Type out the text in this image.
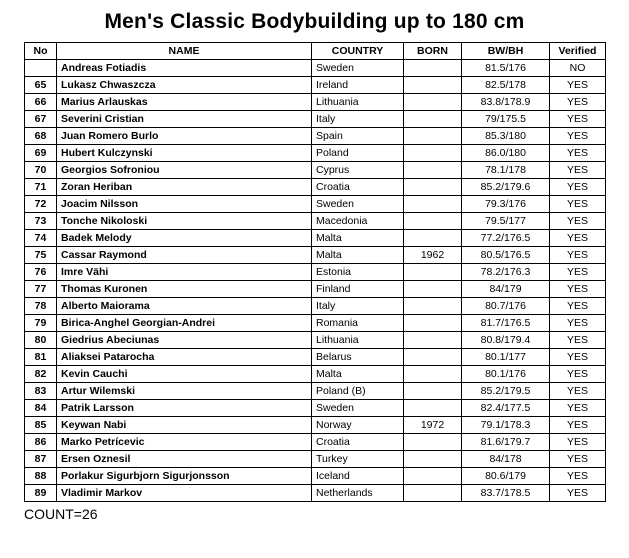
Men's Classic Bodybuilding up to 180 cm
No	NAME	COUNTRY	BORN	BW/BH	Verified
	Andreas Fotiadis	Sweden		81.5/176	NO
65	Lukasz Chwaszcza	Ireland		82.5/178	YES
66	Marius Arlauskas	Lithuania		83.8/178.9	YES
67	Severini Cristian	Italy		79/175.5	YES
68	Juan Romero Burlo	Spain		85.3/180	YES
69	Hubert Kulczynski	Poland		86.0/180	YES
70	Georgios Sofroniou	Cyprus		78.1/178	YES
71	Zoran Heriban	Croatia		85.2/179.6	YES
72	Joacim Nilsson	Sweden		79.3/176	YES
73	Tonche Nikoloski	Macedonia		79.5/177	YES
74	Badek Melody	Malta		77.2/176.5	YES
75	Cassar Raymond	Malta	1962	80.5/176.5	YES
76	Imre Vähi	Estonia		78.2/176.3	YES
77	Thomas Kuronen	Finland		84/179	YES
78	Alberto Maiorama	Italy		80.7/176	YES
79	Birica-Anghel Georgian-Andrei	Romania		81.7/176.5	YES
80	Giedrius Abeciunas	Lithuania		80.8/179.4	YES
81	Aliaksei Patarocha	Belarus		80.1/177	YES
82	Kevin Cauchi	Malta		80.1/176	YES
83	Artur Wilemski	Poland (B)		85.2/179.5	YES
84	Patrik Larsson	Sweden		82.4/177.5	YES
85	Keywan Nabi	Norway	1972	79.1/178.3	YES
86	Marko Petrícevic	Croatia		81.6/179.7	YES
87	Ersen Oznesil	Turkey		84/178	YES
88	Porlakur Sigurbjorn Sigurjonsson	Iceland		80.6/179	YES
89	Vladimir Markov	Netherlands		83.7/178.5	YES
COUNT=26
